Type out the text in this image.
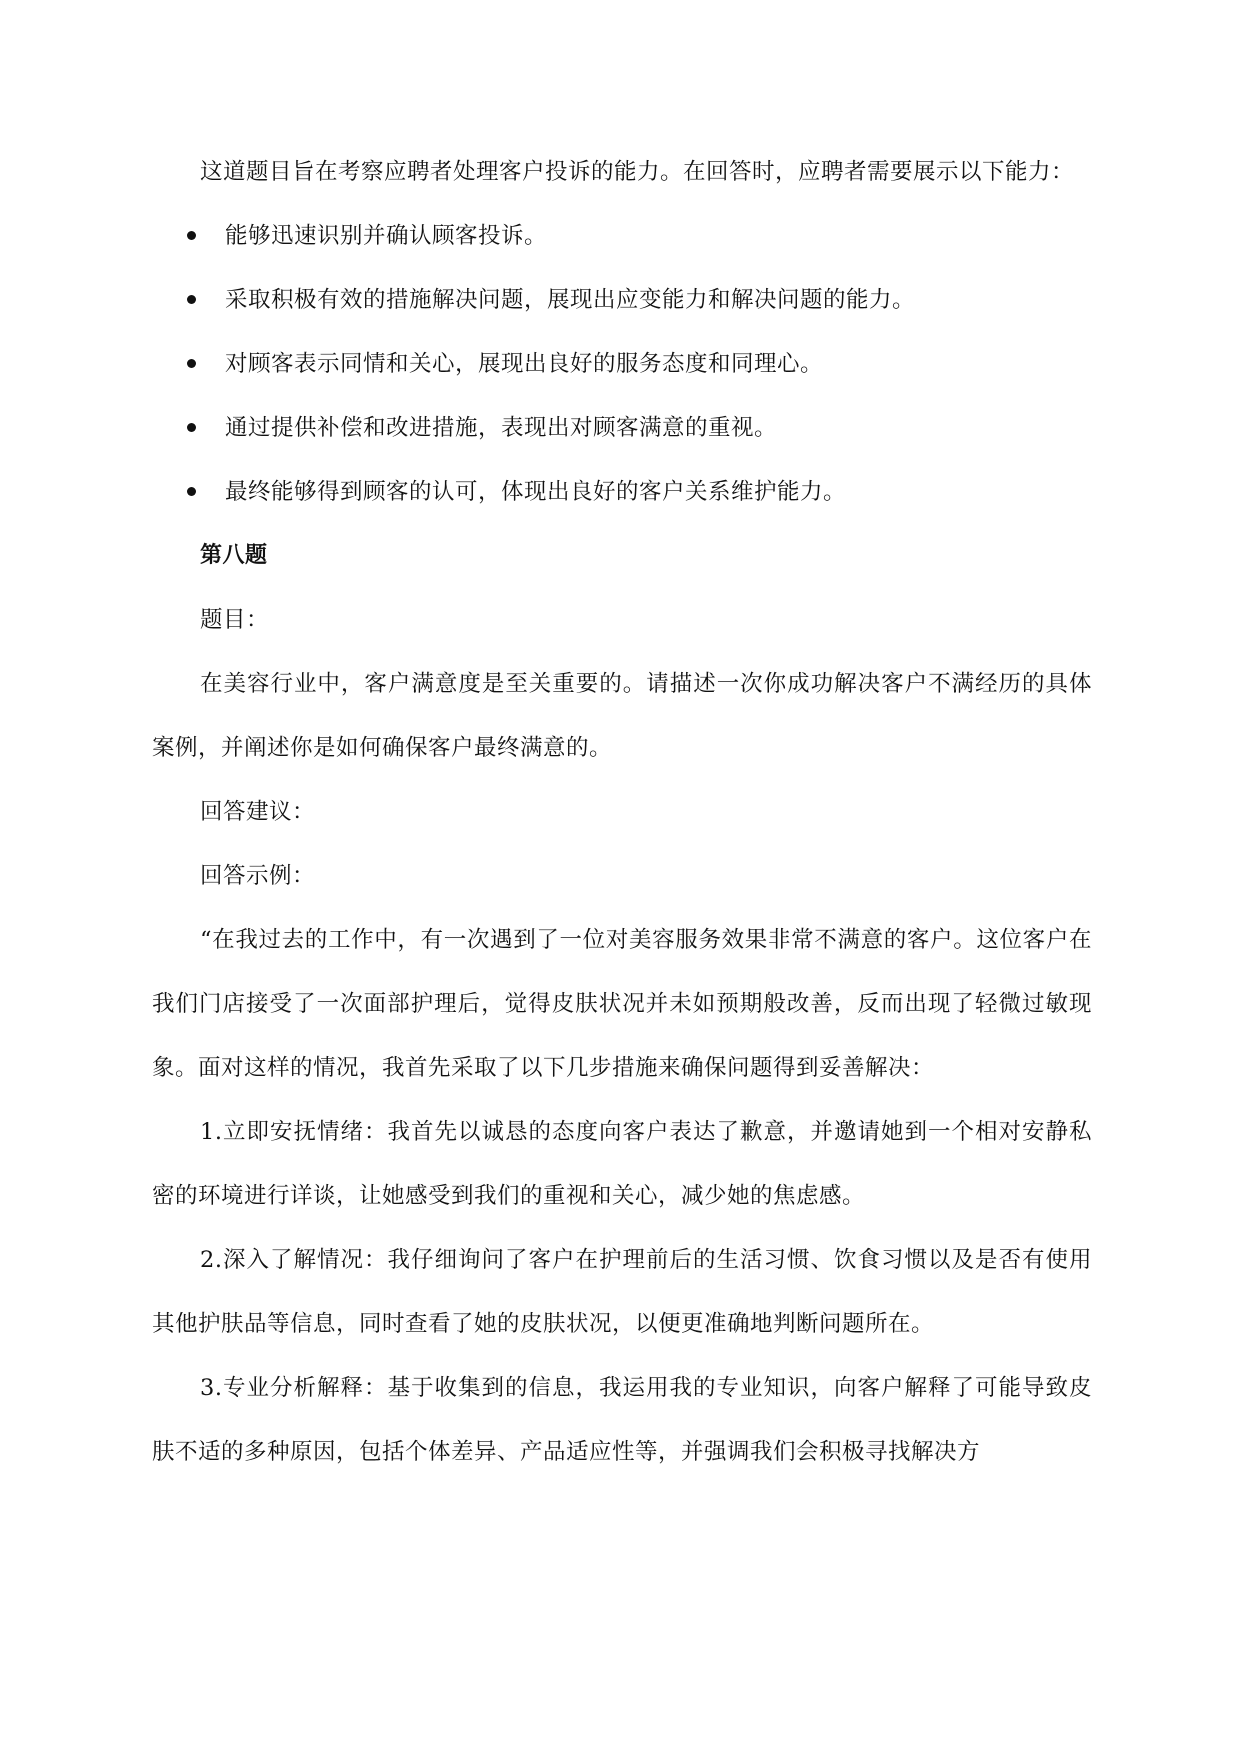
这道题目旨在考察应聘者处理客户投诉的能力。在回答时，应聘者需要展示以下能力：

能够迅速识别并确认顾客投诉。
采取积极有效的措施解决问题，展现出应变能力和解决问题的能力。
对顾客表示同情和关心，展现出良好的服务态度和同理心。
通过提供补偿和改进措施，表现出对顾客满意的重视。
最终能够得到顾客的认可，体现出良好的客户关系维护能力。

第八题

题目：

在美容行业中，客户满意度是至关重要的。请描述一次你成功解决客户不满经历的具体案例，并阐述你是如何确保客户最终满意的。

回答建议：

回答示例：

“在我过去的工作中，有一次遇到了一位对美容服务效果非常不满意的客户。这位客户在我们门店接受了一次面部护理后，觉得皮肤状况并未如预期般改善，反而出现了轻微过敏现象。面对这样的情况，我首先采取了以下几步措施来确保问题得到妥善解决：

1.立即安抚情绪：我首先以诚恳的态度向客户表达了歉意，并邀请她到一个相对安静私密的环境进行详谈，让她感受到我们的重视和关心，减少她的焦虑感。

2.深入了解情况：我仔细询问了客户在护理前后的生活习惯、饮食习惯以及是否有使用其他护肤品等信息，同时查看了她的皮肤状况，以便更准确地判断问题所在。

3.专业分析解释：基于收集到的信息，我运用我的专业知识，向客户解释了可能导致皮肤不适的多种原因，包括个体差异、产品适应性等，并强调我们会积极寻找解决方
